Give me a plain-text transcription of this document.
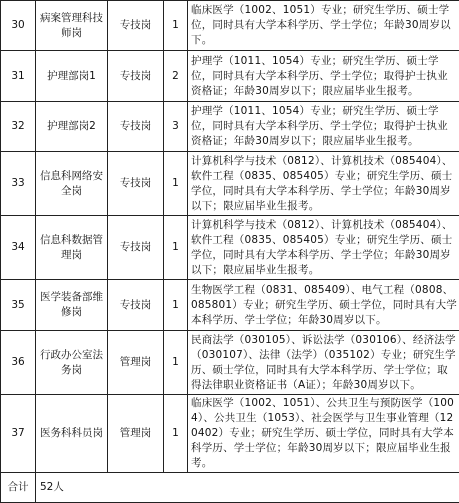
30	病案管理科技师岗	专技岗	1	临床医学（1002、1051）专业；研究生学历、硕士学位，同时具有大学本科学历、学士学位；年龄30周岁以下。
31	护理部岗1	专技岗	2	护理学（1011、1054）专业；研究生学历、硕士学位，同时具有大学本科学历、学士学位；取得护士执业资格证；年龄30周岁以下；限应届毕业生报考。
32	护理部岗2	专技岗	3	护理学（1011、1054）专业；研究生学历、硕士学位，同时具有大学本科学历、学士学位；取得护士执业资格证；年龄30周岁以下；限应届毕业生报考。
33	信息科网络安全岗	专技岗	1	计算机科学与技术（0812）、计算机技术（085404）、软件工程（0835、085405）专业；研究生学历、硕士学位，同时具有大学本科学历、学士学位；年龄30周岁以下；限应届毕业生报考。
34	信息科数据管理岗	专技岗	1	计算机科学与技术（0812）、计算机技术（085404）、软件工程（0835、085405）专业；研究生学历、硕士学位，同时具有大学本科学历、学士学位；年龄30周岁以下；限应届毕业生报考。
35	医学装备部维修岗	专技岗	1	生物医学工程（0831、085409）、电气工程（0808、085801）专业；研究生学历、硕士学位，同时具有大学本科学历、学士学位；年龄30周岁以下。
36	行政办公室法务岗	管理岗	1	民商法学（030105）、诉讼法学（030106）、经济法学（030107）、法律（法学）（035102）专业；研究生学历、硕士学位，同时具有大学本科学历、学士学位；取得法律职业资格证书（A证）；年龄30周岁以下。
37	医务科科员岗	管理岗	1	临床医学（1002、1051）、公共卫生与预防医学（1004）、公共卫生（1053）、社会医学与卫生事业管理（120402）专业；研究生学历、硕士学位，同时具有大学本科学历、学士学位；年龄30周岁以下；限应届毕业生报考。
合计	52人			
